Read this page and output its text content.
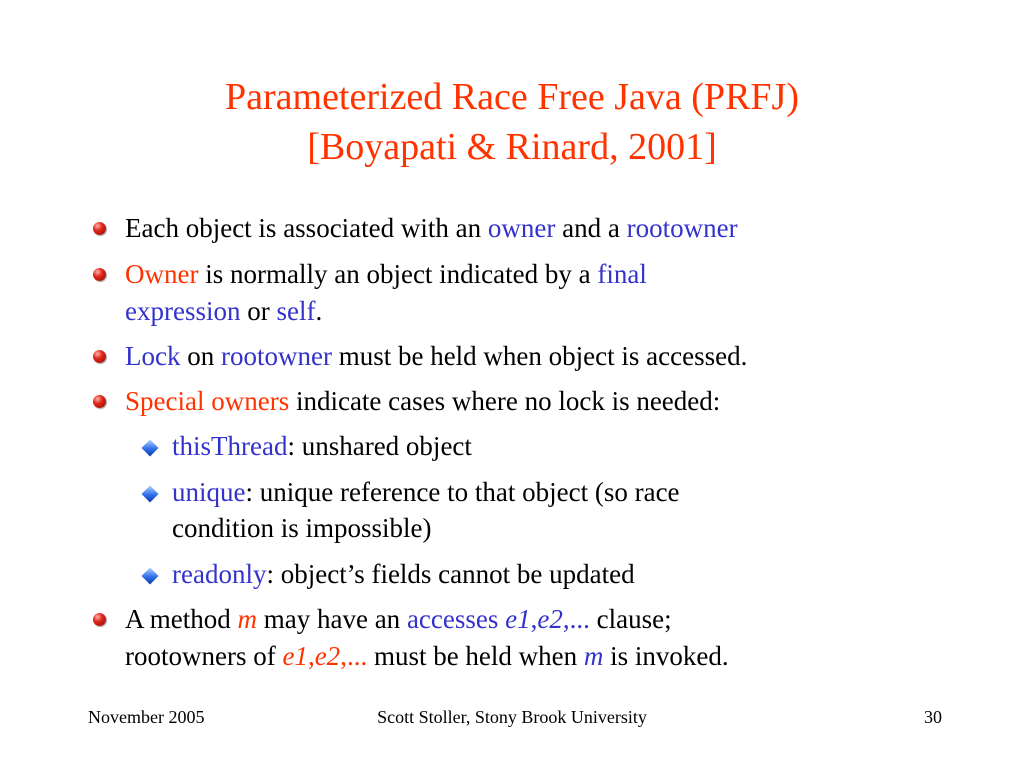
Parameterized Race Free Java (PRFJ)
[Boyapati & Rinard, 2001]
Each object is associated with an owner and a rootowner
Owner is normally an object indicated by a final
expression or self.
Lock on rootowner must be held when object is accessed.
Special owners indicate cases where no lock is needed:
thisThread: unshared object
unique: unique reference to that object (so race
condition is impossible)
readonly: object’s fields cannot be updated
A method m may have an accesses e1,e2,... clause;
rootowners of e1,e2,... must be held when m is invoked.
November 2005	Scott Stoller, Stony Brook University	30
